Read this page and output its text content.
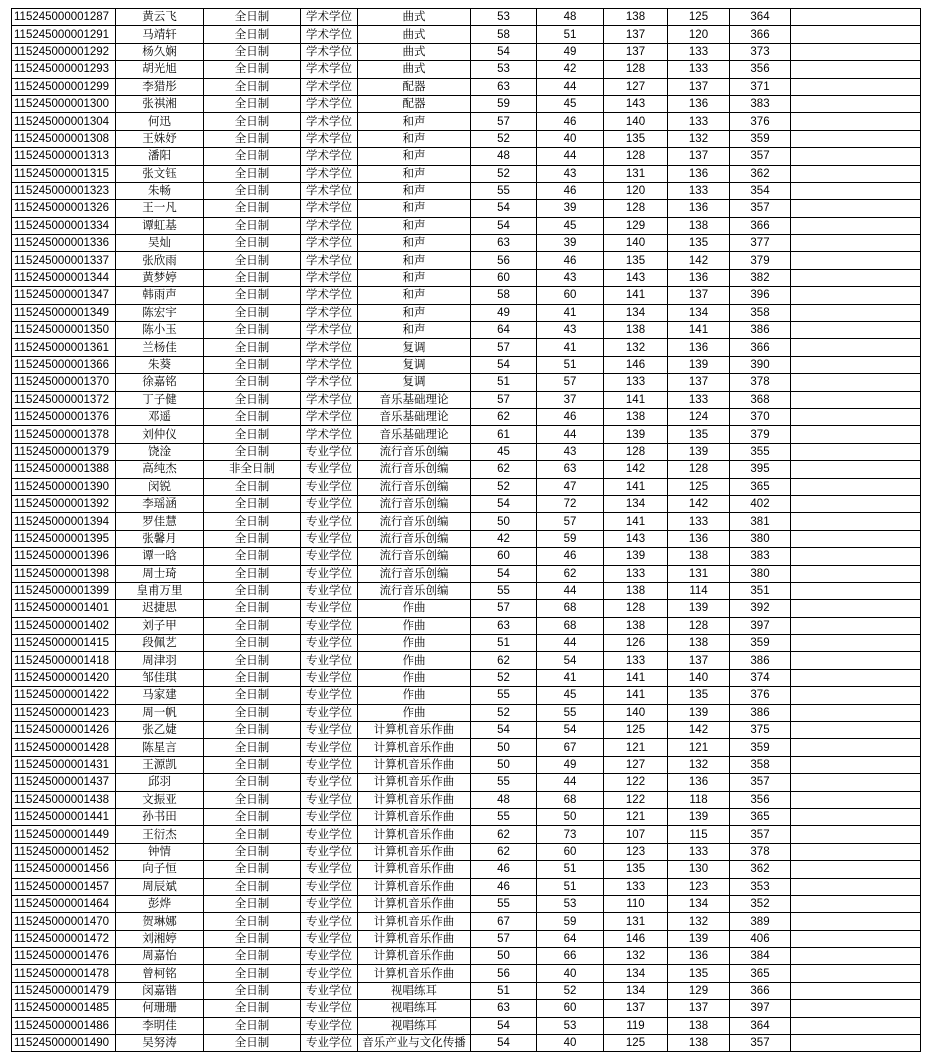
115245000001287	黄云飞	全日制	学术学位	曲式	53	48	138	125	364	
115245000001291	马靖轩	全日制	学术学位	曲式	58	51	137	120	366	
115245000001292	杨久娴	全日制	学术学位	曲式	54	49	137	133	373	
115245000001293	胡光旭	全日制	学术学位	曲式	53	42	128	133	356	
115245000001299	李猎彤	全日制	学术学位	配器	63	44	127	137	371	
115245000001300	张祺湘	全日制	学术学位	配器	59	45	143	136	383	
115245000001304	何迅	全日制	学术学位	和声	57	46	140	133	376	
115245000001308	王姝妤	全日制	学术学位	和声	52	40	135	132	359	
115245000001313	潘阳	全日制	学术学位	和声	48	44	128	137	357	
115245000001315	张文钰	全日制	学术学位	和声	52	43	131	136	362	
115245000001323	朱畅	全日制	学术学位	和声	55	46	120	133	354	
115245000001326	王一凡	全日制	学术学位	和声	54	39	128	136	357	
115245000001334	谭虹基	全日制	学术学位	和声	54	45	129	138	366	
115245000001336	吴灿	全日制	学术学位	和声	63	39	140	135	377	
115245000001337	张欣雨	全日制	学术学位	和声	56	46	135	142	379	
115245000001344	黄梦婷	全日制	学术学位	和声	60	43	143	136	382	
115245000001347	韩雨声	全日制	学术学位	和声	58	60	141	137	396	
115245000001349	陈宏宇	全日制	学术学位	和声	49	41	134	134	358	
115245000001350	陈小玉	全日制	学术学位	和声	64	43	138	141	386	
115245000001361	兰杨佳	全日制	学术学位	复调	57	41	132	136	366	
115245000001366	朱葵	全日制	学术学位	复调	54	51	146	139	390	
115245000001370	徐嘉铭	全日制	学术学位	复调	51	57	133	137	378	
115245000001372	丁子健	全日制	学术学位	音乐基础理论	57	37	141	133	368	
115245000001376	邓遥	全日制	学术学位	音乐基础理论	62	46	138	124	370	
115245000001378	刘仲仪	全日制	学术学位	音乐基础理论	61	44	139	135	379	
115245000001379	饶淦	全日制	专业学位	流行音乐创编	45	43	128	139	355	
115245000001388	高纯杰	非全日制	专业学位	流行音乐创编	62	63	142	128	395	
115245000001390	闵锐	全日制	专业学位	流行音乐创编	52	47	141	125	365	
115245000001392	李瑶涵	全日制	专业学位	流行音乐创编	54	72	134	142	402	
115245000001394	罗佳慧	全日制	专业学位	流行音乐创编	50	57	141	133	381	
115245000001395	张馨月	全日制	专业学位	流行音乐创编	42	59	143	136	380	
115245000001396	谭一晗	全日制	专业学位	流行音乐创编	60	46	139	138	383	
115245000001398	周士琦	全日制	专业学位	流行音乐创编	54	62	133	131	380	
115245000001399	皇甫万里	全日制	专业学位	流行音乐创编	55	44	138	114	351	
115245000001401	迟捷思	全日制	专业学位	作曲	57	68	128	139	392	
115245000001402	刘子甲	全日制	专业学位	作曲	63	68	138	128	397	
115245000001415	段佩艺	全日制	专业学位	作曲	51	44	126	138	359	
115245000001418	周津羽	全日制	专业学位	作曲	62	54	133	137	386	
115245000001420	邹佳琪	全日制	专业学位	作曲	52	41	141	140	374	
115245000001422	马家建	全日制	专业学位	作曲	55	45	141	135	376	
115245000001423	周一帆	全日制	专业学位	作曲	52	55	140	139	386	
115245000001426	张乙婕	全日制	专业学位	计算机音乐作曲	54	54	125	142	375	
115245000001428	陈星言	全日制	专业学位	计算机音乐作曲	50	67	121	121	359	
115245000001431	王源凯	全日制	专业学位	计算机音乐作曲	50	49	127	132	358	
115245000001437	邱羽	全日制	专业学位	计算机音乐作曲	55	44	122	136	357	
115245000001438	文振亚	全日制	专业学位	计算机音乐作曲	48	68	122	118	356	
115245000001441	孙书田	全日制	专业学位	计算机音乐作曲	55	50	121	139	365	
115245000001449	王衍杰	全日制	专业学位	计算机音乐作曲	62	73	107	115	357	
115245000001452	钟情	全日制	专业学位	计算机音乐作曲	62	60	123	133	378	
115245000001456	向子恒	全日制	专业学位	计算机音乐作曲	46	51	135	130	362	
115245000001457	周辰斌	全日制	专业学位	计算机音乐作曲	46	51	133	123	353	
115245000001464	彭烨	全日制	专业学位	计算机音乐作曲	55	53	110	134	352	
115245000001470	贺琳娜	全日制	专业学位	计算机音乐作曲	67	59	131	132	389	
115245000001472	刘湘婷	全日制	专业学位	计算机音乐作曲	57	64	146	139	406	
115245000001476	周嘉怡	全日制	专业学位	计算机音乐作曲	50	66	132	136	384	
115245000001478	曾柯铭	全日制	专业学位	计算机音乐作曲	56	40	134	135	365	
115245000001479	闵嘉锴	全日制	专业学位	视唱练耳	51	52	134	129	366	
115245000001485	何珊珊	全日制	专业学位	视唱练耳	63	60	137	137	397	
115245000001486	李明佳	全日制	专业学位	视唱练耳	54	53	119	138	364	
115245000001490	吴努涛	全日制	专业学位	音乐产业与文化传播	54	40	125	138	357	
